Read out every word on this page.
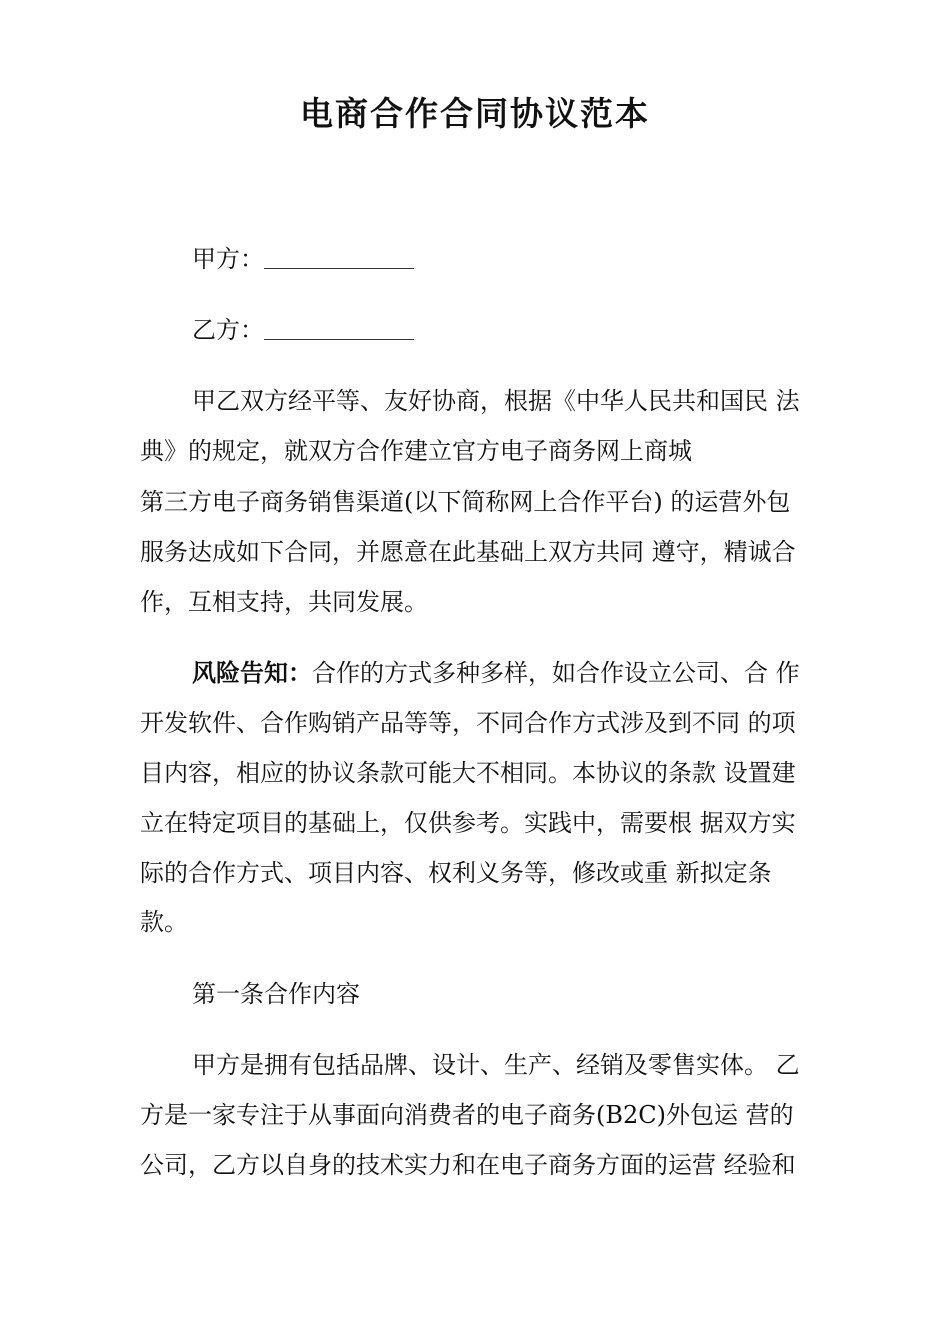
电商合作合同协议范本
甲方：
乙方：
甲乙双方经平等、友好协商，根据《中华人民共和国民 法
典》的规定，就双方合作建立官方电子商务网上商城
第三方电子商务销售渠道(以下简称网上合作平台) 的运营外包
服务达成如下合同，并愿意在此基础上双方共同 遵守，精诚合
作，互相支持，共同发展。
风险告知：合作的方式多种多样，如合作设立公司、合 作
开发软件、合作购销产品等等，不同合作方式涉及到不同 的项
目内容，相应的协议条款可能大不相同。本协议的条款 设置建
立在特定项目的基础上，仅供参考。实践中，需要根 据双方实
际的合作方式、项目内容、权利义务等，修改或重 新拟定条
款。
第一条合作内容
甲方是拥有包括品牌、设计、生产、经销及零售实体。 乙
方是一家专注于从事面向消费者的电子商务(B2C)外包运 营的
公司，乙方以自身的技术实力和在电子商务方面的运营 经验和
